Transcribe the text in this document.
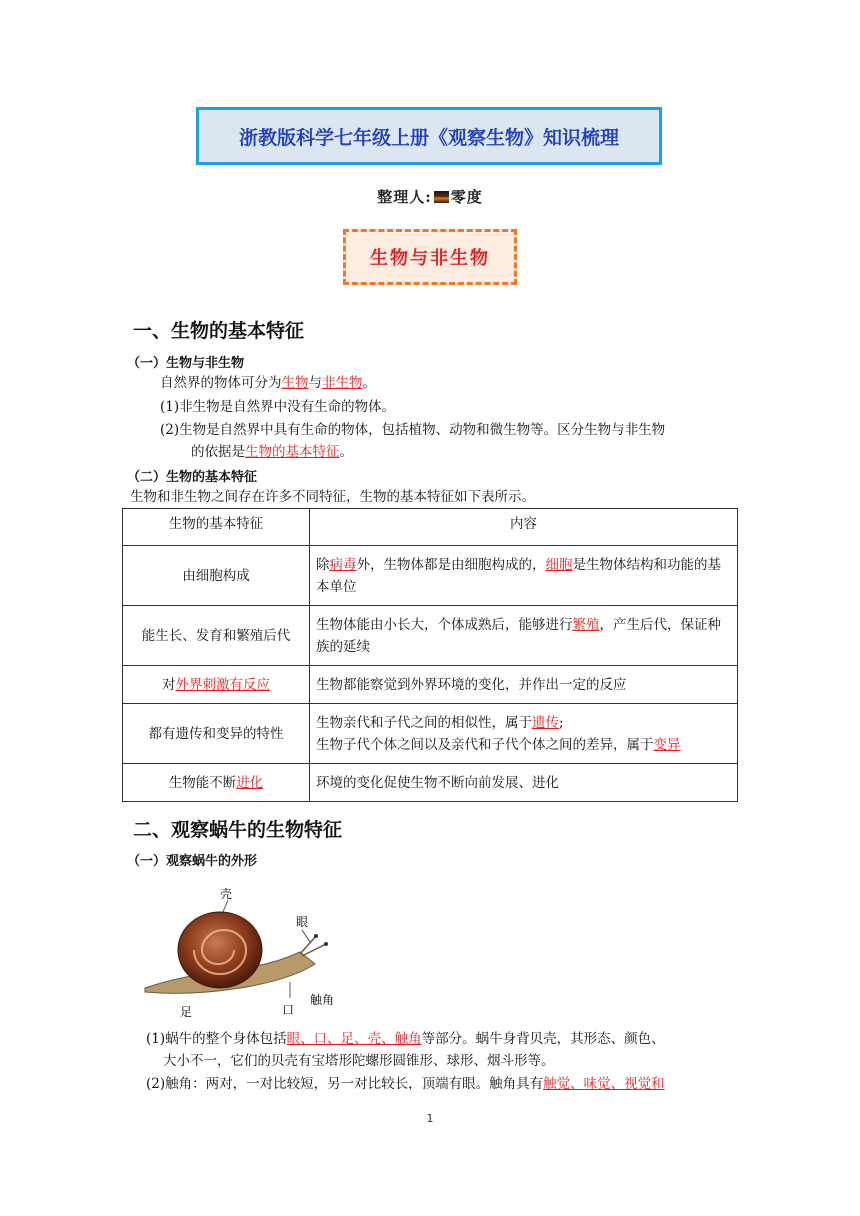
浙教版科学七年级上册《观察生物》知识梳理
整理人: 零度
生物与非生物
一、生物的基本特征
（一）生物与非生物
自然界的物体可分为生物与非生物。
(1)非生物是自然界中没有生命的物体。
(2)生物是自然界中具有生命的物体，包括植物、动物和微生物等。区分生物与非生物
的依据是生物的基本特征。
（二）生物的基本特征
生物和非生物之间存在许多不同特征，生物的基本特征如下表所示。
生物的基本特征	内容
由细胞构成	除病毒外，生物体都是由细胞构成的，细胞是生物体结构和功能的基本单位
能生长、发育和繁殖后代	生物体能由小长大，个体成熟后，能够进行繁殖，产生后代，保证种族的延续
对外界刺激有反应	生物都能察觉到外界环境的变化，并作出一定的反应
都有遗传和变异的特性	生物亲代和子代之间的相似性，属于遗传;
生物子代个体之间以及亲代和子代个体之间的差异，属于变异
生物能不断进化	环境的变化促使生物不断向前发展、进化
二、观察蜗牛的生物特征
（一）观察蜗牛的外形
壳
眼
足	口
触角
(1)蜗牛的整个身体包括眼、口、足、壳、触角等部分。蜗牛身背贝壳，其形态、颜色、
大小不一，它们的贝壳有宝塔形陀螺形圆锥形、球形、烟斗形等。
(2)触角：两对，一对比较短，另一对比较长，顶端有眼。触角具有触觉、味觉、视觉和
1
